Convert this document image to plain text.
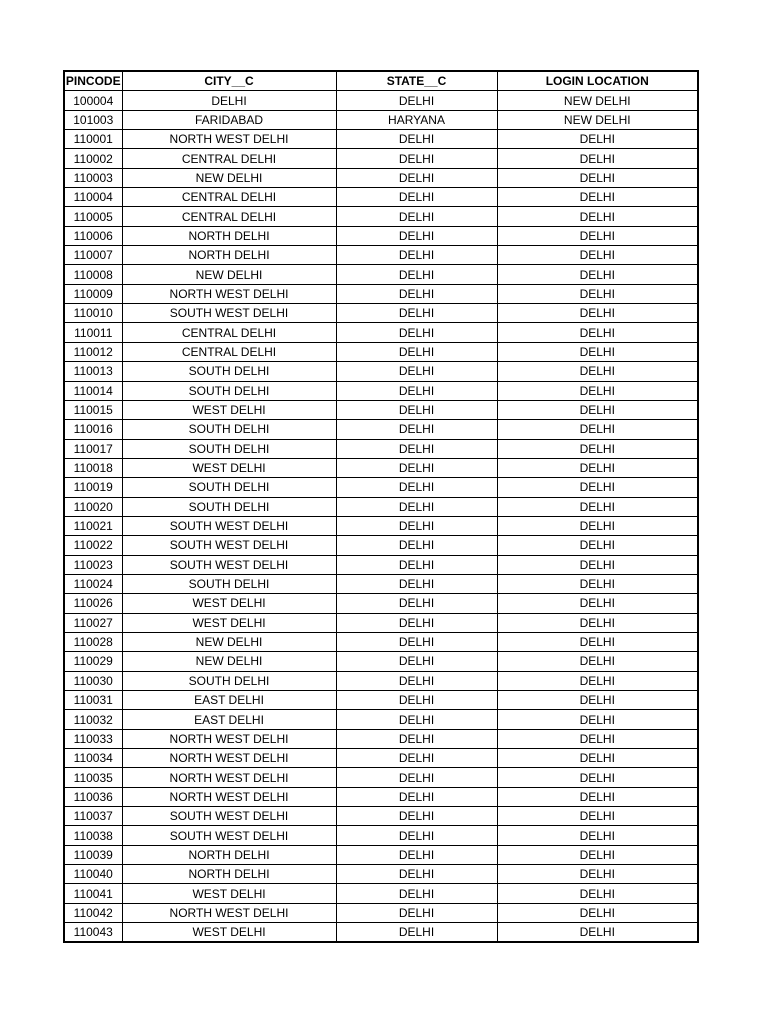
PINCODE	CITY__C	STATE__C	LOGIN LOCATION
100004	DELHI	DELHI	NEW DELHI
101003	FARIDABAD	HARYANA	NEW DELHI
110001	NORTH WEST DELHI	DELHI	DELHI
110002	CENTRAL DELHI	DELHI	DELHI
110003	NEW DELHI	DELHI	DELHI
110004	CENTRAL DELHI	DELHI	DELHI
110005	CENTRAL DELHI	DELHI	DELHI
110006	NORTH DELHI	DELHI	DELHI
110007	NORTH DELHI	DELHI	DELHI
110008	NEW DELHI	DELHI	DELHI
110009	NORTH WEST DELHI	DELHI	DELHI
110010	SOUTH WEST DELHI	DELHI	DELHI
110011	CENTRAL DELHI	DELHI	DELHI
110012	CENTRAL DELHI	DELHI	DELHI
110013	SOUTH DELHI	DELHI	DELHI
110014	SOUTH DELHI	DELHI	DELHI
110015	WEST DELHI	DELHI	DELHI
110016	SOUTH DELHI	DELHI	DELHI
110017	SOUTH DELHI	DELHI	DELHI
110018	WEST DELHI	DELHI	DELHI
110019	SOUTH DELHI	DELHI	DELHI
110020	SOUTH DELHI	DELHI	DELHI
110021	SOUTH WEST DELHI	DELHI	DELHI
110022	SOUTH WEST DELHI	DELHI	DELHI
110023	SOUTH WEST DELHI	DELHI	DELHI
110024	SOUTH DELHI	DELHI	DELHI
110026	WEST DELHI	DELHI	DELHI
110027	WEST DELHI	DELHI	DELHI
110028	NEW DELHI	DELHI	DELHI
110029	NEW DELHI	DELHI	DELHI
110030	SOUTH DELHI	DELHI	DELHI
110031	EAST DELHI	DELHI	DELHI
110032	EAST DELHI	DELHI	DELHI
110033	NORTH WEST DELHI	DELHI	DELHI
110034	NORTH WEST DELHI	DELHI	DELHI
110035	NORTH WEST DELHI	DELHI	DELHI
110036	NORTH WEST DELHI	DELHI	DELHI
110037	SOUTH WEST DELHI	DELHI	DELHI
110038	SOUTH WEST DELHI	DELHI	DELHI
110039	NORTH DELHI	DELHI	DELHI
110040	NORTH DELHI	DELHI	DELHI
110041	WEST DELHI	DELHI	DELHI
110042	NORTH WEST DELHI	DELHI	DELHI
110043	WEST DELHI	DELHI	DELHI
